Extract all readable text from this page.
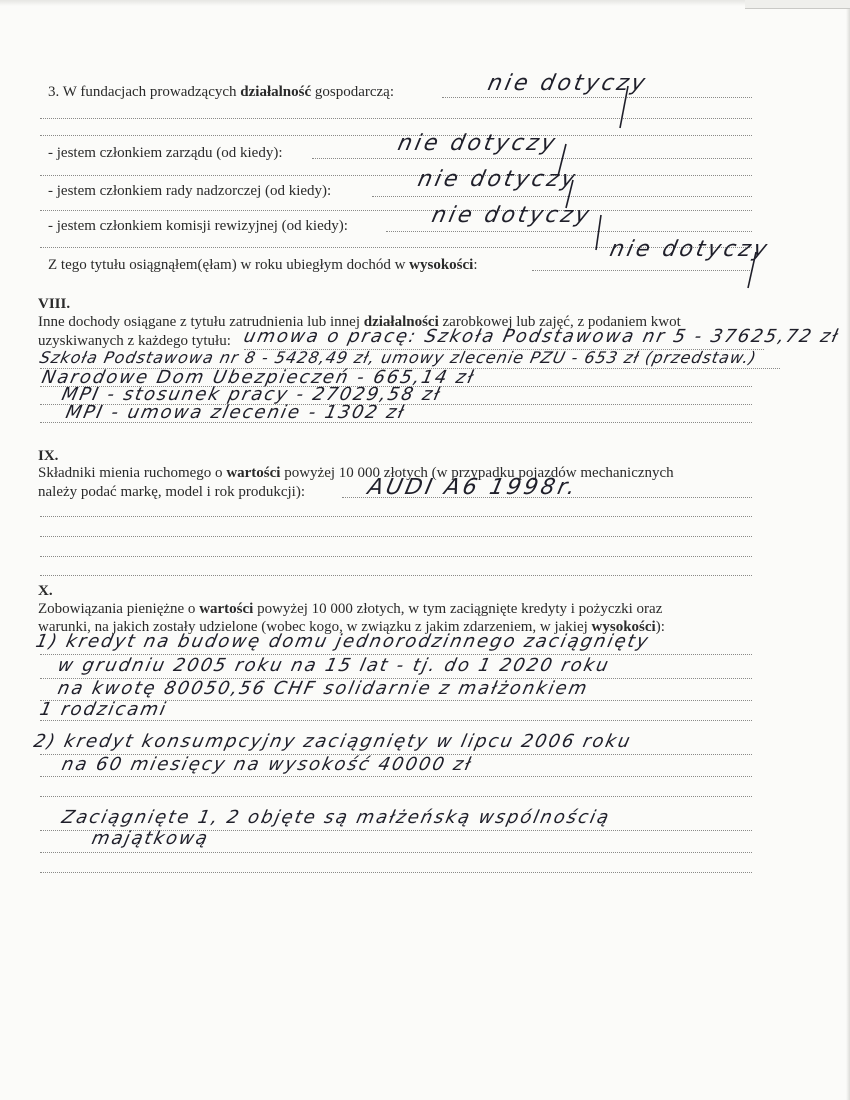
3. W fundacjach prowadzących działalność gospodarczą:	nie dotyczy
- jestem członkiem zarządu (od kiedy):	nie dotyczy
- jestem członkiem rady nadzorczej (od kiedy):	nie dotyczy
- jestem członkiem komisji rewizyjnej (od kiedy):	nie dotyczy
Z tego tytułu osiągnąłem(ęłam) w roku ubiegłym dochód w wysokości:
nie dotyczy
VIII.
Inne dochody osiągane z tytułu zatrudnienia lub innej działalności zarobkowej lub zajęć, z podaniem kwot
uzyskiwanych z każdego tytułu: umowa o pracę: Szkoła Podstawowa nr 5 - 37625,72 zł
Szkoła Podstawowa nr 8 - 5428,49 zł, umowy zlecenie PZU - 653 zł (przedstaw.)
Narodowe Dom Ubezpieczeń - 665,14 zł
MPI - stosunek pracy - 27029,58 zł
MPI - umowa zlecenie - 1302 zł
IX.
Składniki mienia ruchomego o wartości powyżej 10 000 złotych (w przypadku pojazdów mechanicznych
należy podać markę, model i rok produkcji):	AUDI A6 1998r.
X.
Zobowiązania pieniężne o wartości powyżej 10 000 złotych, w tym zaciągnięte kredyty i pożyczki oraz
warunki, na jakich zostały udzielone (wobec kogo, w związku z jakim zdarzeniem, w jakiej wysokości):
1) kredyt na budowę domu jednorodzinnego zaciągnięty
w grudniu 2005 roku na 15 lat - tj. do 1 2020 roku
na kwotę 80050,56 CHF solidarnie z małżonkiem
1 rodzicami
2) kredyt konsumpcyjny zaciągnięty w lipcu 2006 roku
na 60 miesięcy na wysokość 40000 zł
Zaciągnięte 1, 2 objęte są małżeńską wspólnością
majątkową
